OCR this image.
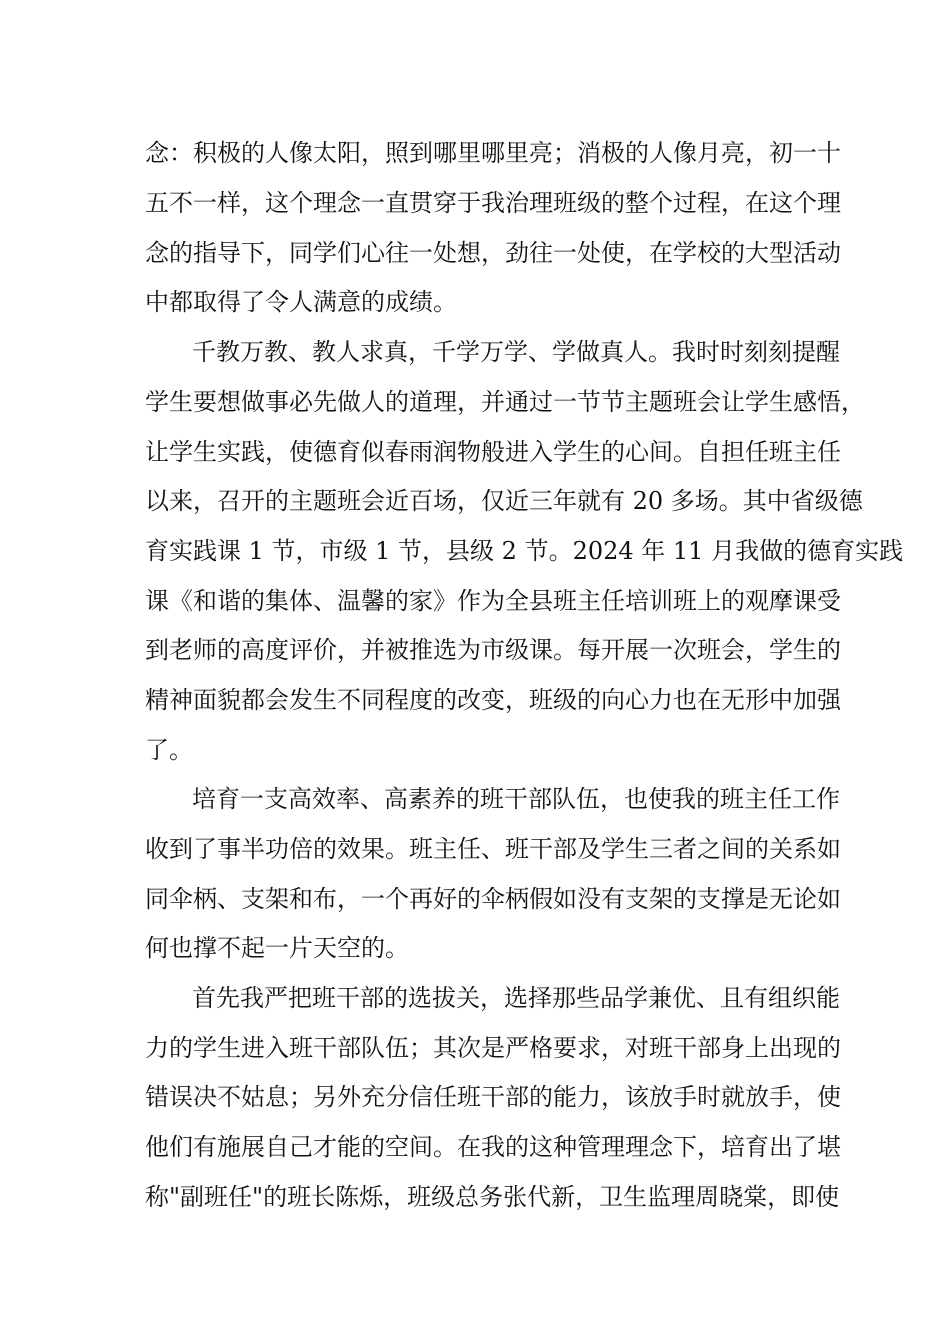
念：积极的人像太阳，照到哪里哪里亮；消极的人像月亮，初一十

五不一样，这个理念一直贯穿于我治理班级的整个过程，在这个理

念的指导下，同学们心往一处想，劲往一处使，在学校的大型活动

中都取得了令人满意的成绩。

千教万教、教人求真，千学万学、学做真人。我时时刻刻提醒

学生要想做事必先做人的道理，并通过一节节主题班会让学生感悟，

让学生实践，使德育似春雨润物般进入学生的心间。自担任班主任

以来，召开的主题班会近百场，仅近三年就有 20 多场。其中省级德

育实践课 1 节，市级 1 节，县级 2 节。2024 年 11 月我做的德育实践

课《和谐的集体、温馨的家》作为全县班主任培训班上的观摩课受

到老师的高度评价，并被推选为市级课。每开展一次班会，学生的

精神面貌都会发生不同程度的改变，班级的向心力也在无形中加强

了。

培育一支高效率、高素养的班干部队伍，也使我的班主任工作

收到了事半功倍的效果。班主任、班干部及学生三者之间的关系如

同伞柄、支架和布，一个再好的伞柄假如没有支架的支撑是无论如

何也撑不起一片天空的。

首先我严把班干部的选拔关，选择那些品学兼优、且有组织能

力的学生进入班干部队伍；其次是严格要求，对班干部身上出现的

错误决不姑息；另外充分信任班干部的能力，该放手时就放手，使

他们有施展自己才能的空间。在我的这种管理理念下，培育出了堪

称"副班任"的班长陈烁，班级总务张代新，卫生监理周晓棠，即使
